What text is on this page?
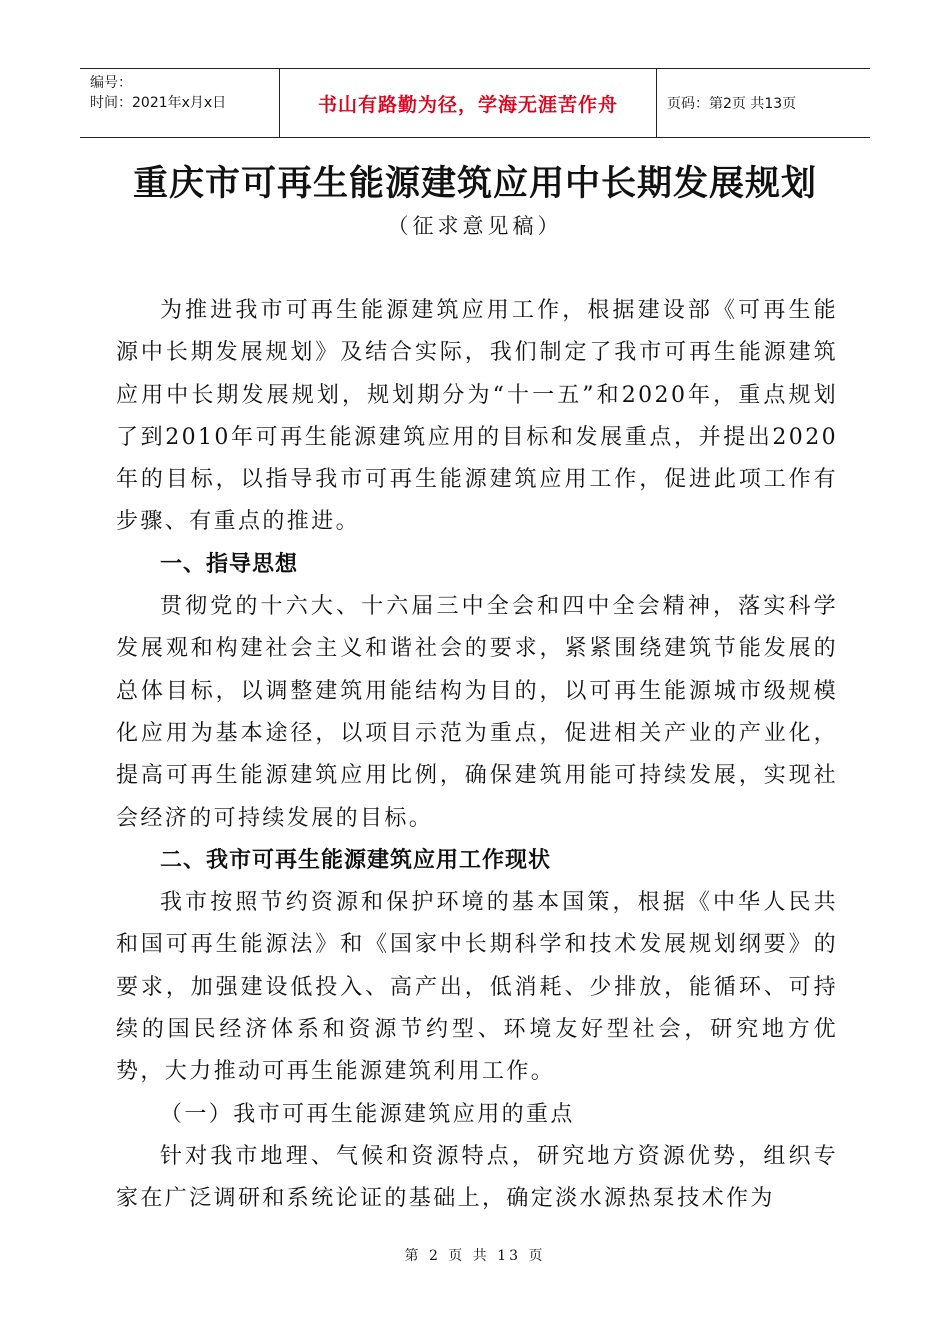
编号：
时间：2021年x月x日	书山有路勤为径，学海无涯苦作舟	页码：第2页 共13页
重庆市可再生能源建筑应用中长期发展规划
（征求意见稿）

为推进我市可再生能源建筑应用工作，根据建设部《可再生能源中长期发展规划》及结合实际，我们制定了我市可再生能源建筑应用中长期发展规划，规划期分为“十一五”和2020年，重点规划了到2010年可再生能源建筑应用的目标和发展重点，并提出2020年的目标，以指导我市可再生能源建筑应用工作，促进此项工作有步骤、有重点的推进。

一、指导思想

贯彻党的十六大、十六届三中全会和四中全会精神，落实科学发展观和构建社会主义和谐社会的要求，紧紧围绕建筑节能发展的总体目标，以调整建筑用能结构为目的，以可再生能源城市级规模化应用为基本途径，以项目示范为重点，促进相关产业的产业化，提高可再生能源建筑应用比例，确保建筑用能可持续发展，实现社会经济的可持续发展的目标。

二、我市可再生能源建筑应用工作现状

我市按照节约资源和保护环境的基本国策，根据《中华人民共和国可再生能源法》和《国家中长期科学和技术发展规划纲要》的要求，加强建设低投入、高产出，低消耗、少排放，能循环、可持续的国民经济体系和资源节约型、环境友好型社会，研究地方优势，大力推动可再生能源建筑利用工作。

（一）我市可再生能源建筑应用的重点

针对我市地理、气候和资源特点，研究地方资源优势，组织专家在广泛调研和系统论证的基础上，确定淡水源热泵技术作为

第 2 页 共 13 页
